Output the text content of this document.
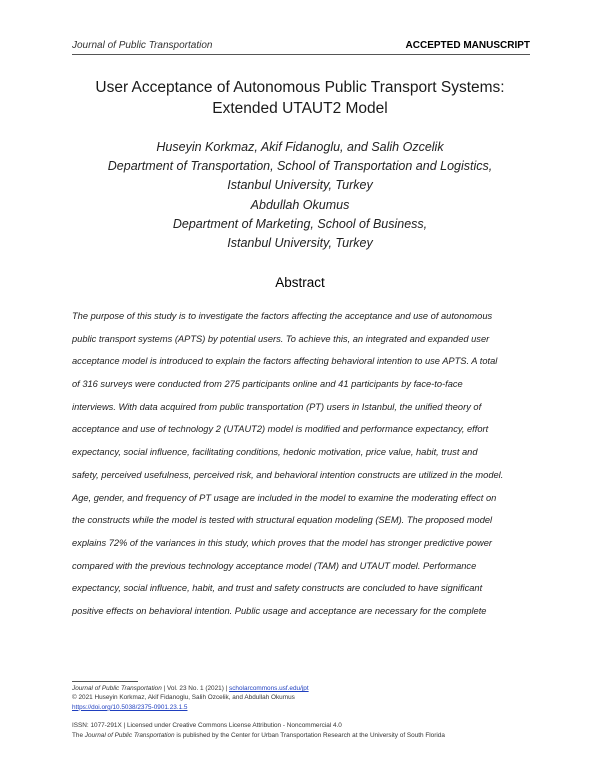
Journal of Public Transportation	ACCEPTED MANUSCRIPT
User Acceptance of Autonomous Public Transport Systems:
Extended UTAUT2 Model
Huseyin Korkmaz, Akif Fidanoglu, and Salih Ozcelik
Department of Transportation, School of Transportation and Logistics,
Istanbul University, Turkey
Abdullah Okumus
Department of Marketing, School of Business,
Istanbul University, Turkey
Abstract
The purpose of this study is to investigate the factors affecting the acceptance and use of autonomous
public transport systems (APTS) by potential users. To achieve this, an integrated and expanded user
acceptance model is introduced to explain the factors affecting behavioral intention to use APTS. A total
of 316 surveys were conducted from 275 participants online and 41 participants by face-to-face
interviews. With data acquired from public transportation (PT) users in Istanbul, the unified theory of
acceptance and use of technology 2 (UTAUT2) model is modified and performance expectancy, effort
expectancy, social influence, facilitating conditions, hedonic motivation, price value, habit, trust and
safety, perceived usefulness, perceived risk, and behavioral intention constructs are utilized in the model.
Age, gender, and frequency of PT usage are included in the model to examine the moderating effect on
the constructs while the model is tested with structural equation modeling (SEM). The proposed model
explains 72% of the variances in this study, which proves that the model has stronger predictive power
compared with the previous technology acceptance model (TAM) and UTAUT model. Performance
expectancy, social influence, habit, and trust and safety constructs are concluded to have significant
positive effects on behavioral intention. Public usage and acceptance are necessary for the complete
Journal of Public Transportation | Vol. 23 No. 1 (2021) | scholarcommons.usf.edu/jpt
© 2021 Huseyin Korkmaz, Akif Fidanoglu, Salih Ozcelik, and Abdullah Okumus
https://doi.org/10.5038/2375-0901.23.1.5
ISSN: 1077-291X | Licensed under Creative Commons License Attribution - Noncommercial 4.0
The Journal of Public Transportation is published by the Center for Urban Transportation Research at the University of South Florida
